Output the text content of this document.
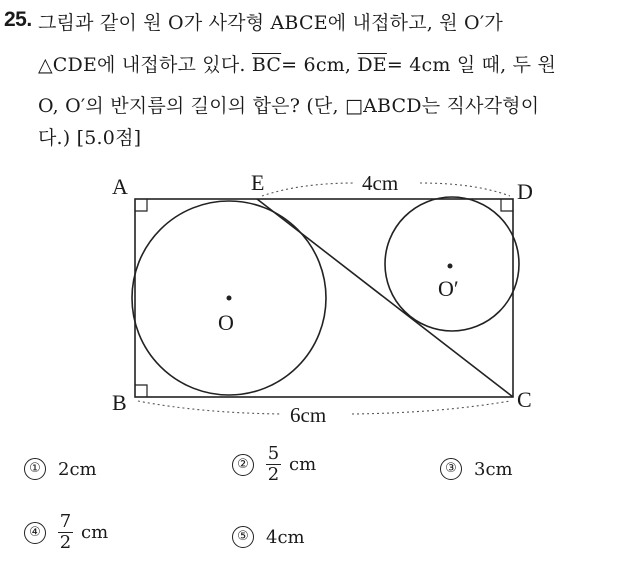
25. 그림과 같이 원 O가 사각형 ABCE에 내접하고, 원 O′가
△CDE에 내접하고 있다. $\overline{BC}= 6cm$, $\overline{DE}= 4cm$ 일 때, 두 원
O, O′의 반지름의 길이의 합은? (단, □ABCD는 직사각형이
다.) [5.0점]
A	E	D
B	C
O
O′
4cm
6cm
① 2cm	② $\frac{5}{2}$ cm	③ 3cm
④ $\frac{7}{2}$ cm	⑤ 4cm
